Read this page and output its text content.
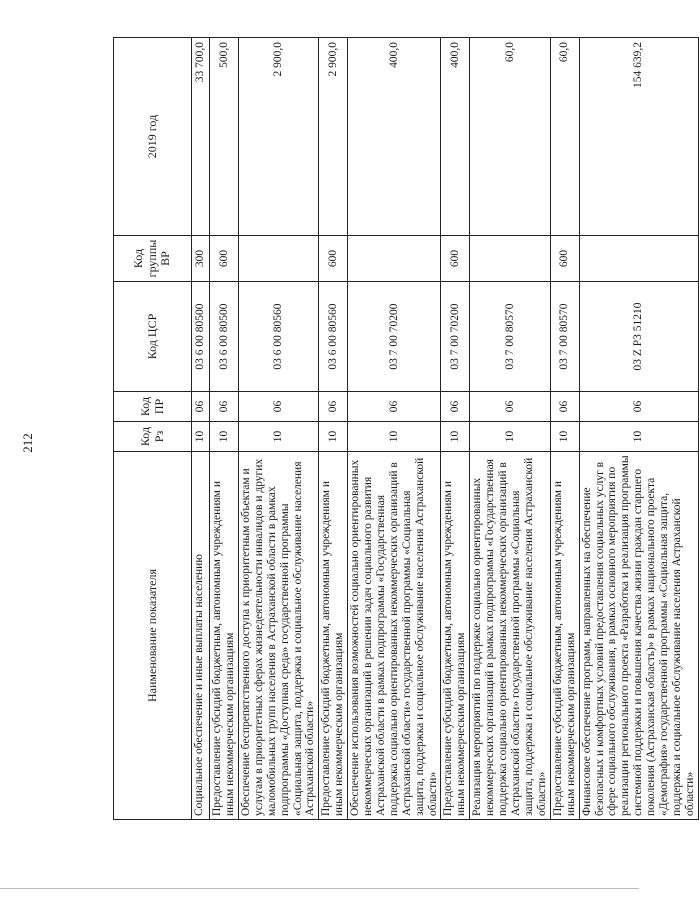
212
Наименование показателя	Код Рз	Код ПР	Код ЦСР	Код группы ВР	2019 год
Социальное обеспечение и иные выплаты населению	10	06	03 6 00 80500	300	33 700,0
Предоставление субсидий бюджетным, автономным учреждениям и иным некоммерческим организациям	10	06	03 6 00 80500	600	500,0
Обеспечение беспрепятственного доступа к приоритетным объектам и услугам в приоритетных сферах жизнедеятельности инвалидов и других маломобильных групп населения в Астраханской области в рамках подпрограммы «Доступная среда» государственной программы «Социальная защита, поддержка и социальное обслуживание населения Астраханской области»	10	06	03 6 00 80560		2 900,0
Предоставление субсидий бюджетным, автономным учреждениям и иным некоммерческим организациям	10	06	03 6 00 80560	600	2 900,0
Обеспечение использования возможностей социально ориентированных некоммерческих организаций в решении задач социального развития Астраханской области в рамках подпрограммы «Государственная поддержка социально ориентированных некоммерческих организаций в Астраханской области» государственной программы «Социальная защита, поддержка и социальное обслуживание населения Астраханской области»	10	06	03 7 00 70200		400,0
Предоставление субсидий бюджетным, автономным учреждениям и иным некоммерческим организациям	10	06	03 7 00 70200	600	400,0
Реализация мероприятий по поддержке социально ориентированных некоммерческих организаций в рамках подпрограммы «Государственная поддержка социально ориентированных некоммерческих организаций в Астраханской области» государственной программы «Социальная защита, поддержка и социальное обслуживание населения Астраханской области»	10	06	03 7 00 80570		60,0
Предоставление субсидий бюджетным, автономным учреждениям и иным некоммерческим организациям	10	06	03 7 00 80570	600	60,0
Финансовое обеспечение программ, направленных на обеспечение безопасных и комфортных условий предоставления социальных услуг в сфере социального обслуживания, в рамках основного мероприятия по реализации регионального проекта «Разработка и реализация программы системной поддержки и повышения качества жизни граждан старшего поколения (Астраханская область)» в рамках национального проекта «Демография» государственной программы «Социальная защита, поддержка и социальное обслуживание населения Астраханской области»	10	06	03 Z P3 51210		154 639,2
